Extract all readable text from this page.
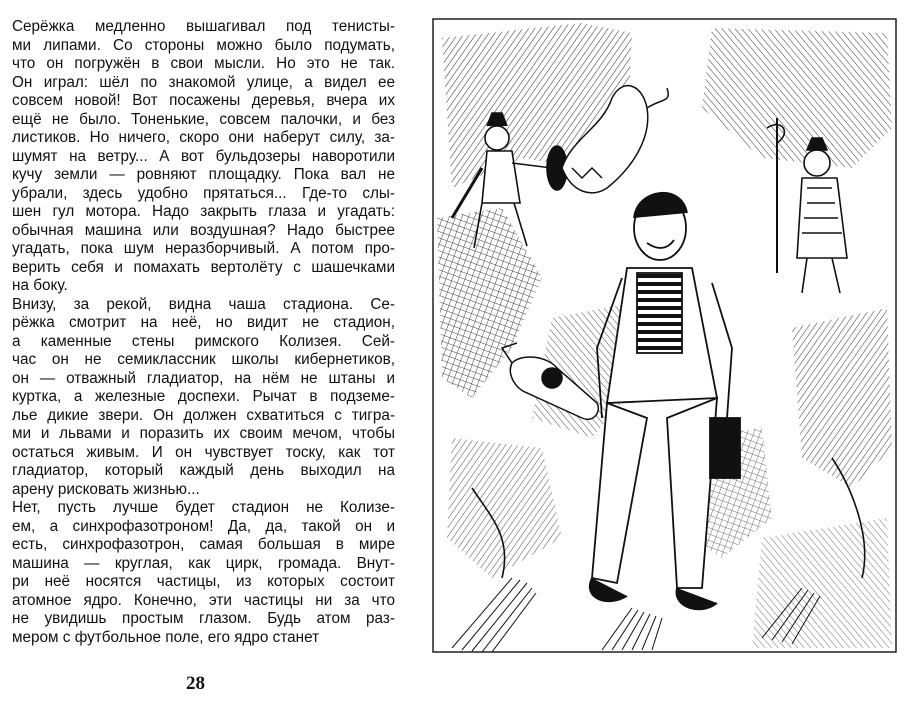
Серёжка медленно вышагивал под тенисты-
ми липами. Со стороны можно было подумать,
что он погружён в свои мысли. Но это не так.
Он играл: шёл по знакомой улице, а видел ее
совсем новой! Вот посажены деревья, вчера их
ещё не было. Тоненькие, совсем палочки, и без
листиков. Но ничего, скоро они наберут силу, за-
шумят на ветру... А вот бульдозеры наворотили
кучу земли — ровняют площадку. Пока вал не
убрали, здесь удобно прятаться... Где-то слы-
шен гул мотора. Надо закрыть глаза и угадать:
обычная машина или воздушная? Надо быстрее
угадать, пока шум неразборчивый. А потом про-
верить себя и помахать вертолёту с шашечками
на боку.
Внизу, за рекой, видна чаша стадиона. Се-
рёжка смотрит на неё, но видит не стадион,
а каменные стены римского Колизея. Сей-
час он не семиклассник школы кибернетиков,
он — отважный гладиатор, на нём не штаны и
куртка, а железные доспехи. Рычат в подземе-
лье дикие звери. Он должен схватиться с тигра-
ми и львами и поразить их своим мечом, чтобы
остаться живым. И он чувствует тоску, как тот
гладиатор, который каждый день выходил на
арену рисковать жизнью...
Нет, пусть лучше будет стадион не Колизе-
ем, а синхрофазотроном! Да, да, такой он и
есть, синхрофазотрон, самая большая в мире
машина — круглая, как цирк, громада. Внут-
ри неё носятся частицы, из которых состоит
атомное ядро. Конечно, эти частицы ни за что
не увидишь простым глазом. Будь атом раз-
мером с футбольное поле, его ядро станет
28
